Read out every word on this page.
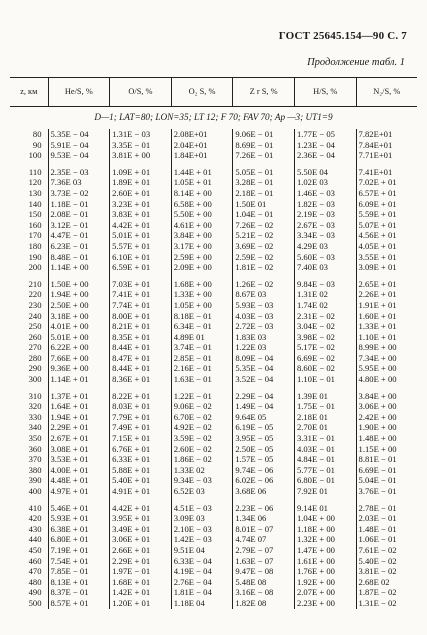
ГОСТ 25645.154—90 С. 7
Продолжение табл. 1
z, км	He/S, %	O/S, %	O₂ S, %	Z r S, %	H/S, %	N₂/S, %
D—1; LAT=80; LON=35; LT 12; F 70; FAV 70; Ap —3; UT1=9						
80	5.35E − 04	1.31E − 03	2.08E+01	9.06E − 01	1.77E − 05	7.82E+01
90	5.91E − 04	3.35E − 01	2.04E+01	8.69E − 01	1.23E − 04	7.84E+01
100	9.53E − 04	3.81E + 00	1.84E+01	7.26E − 01	2.36E − 04	7.71E+01

110	2.35E − 03	1.09E + 01	1.44E + 01	5.05E − 01	5.50E 04	7.41E+01
120	7.36E 03	1.89E + 01	1.05E + 01	3.28E − 01	1.02E 03	7.02E + 01
130	3.73E − 02	2.60E + 01	8.14E + 00	2.18E − 01	1.46E − 03	6.57E + 01
140	1.18E − 01	3.23E + 01	6.58E + 00	1.50E 01	1.82E − 03	6.09E + 01
150	2.08E − 01	3.83E + 01	5.50E + 00	1.04E − 01	2.19E − 03	5.59E + 01
160	3.12E − 01	4.42E + 01	4.61E + 00	7.26E − 02	2.67E − 03	5.07E + 01
170	4.47E − 01	5.01E + 01	3.84E + 00	5.21E − 02	3.34E − 03	4.56E + 01
180	6.23E − 01	5.57E + 01	3.17E + 00	3.69E − 02	4.29E 03	4.05E + 01
190	8.48E − 01	6.10E + 01	2.59E + 00	2.59E − 02	5.60E − 03	3.55E + 01
200	1.14E + 00	6.59E + 01	2.09E + 00	1.81E − 02	7.40E 03	3.09E + 01

210	1.50E + 00	7.03E + 01	1.68E + 00	1.26E − 02	9.84E − 03	2.65E + 01
220	1.94E + 00	7.41E + 01	1.33E + 00	8.67E 03	1.31E 02	2.26E + 01
230	2.50E + 00	7.74E + 01	1.05E + 00	5.93E − 03	1.74E 02	1.91E + 01
240	3.18E + 00	8.00E + 01	8.18E − 01	4.03E − 03	2.31E − 02	1.60E + 01
250	4.01E + 00	8.21E + 01	6.34E − 01	2.72E − 03	3.04E − 02	1.33E + 01
260	5.01E + 00	8.35E + 01	4.89E 01	1.83E 03	3.98E − 02	1.10E + 01
270	6.22E + 00	8.44E + 01	3.74E − 01	1.22E 03	5.17E − 02	8.99E + 00
280	7.66E + 00	8.47E + 01	2.85E − 01	8.09E − 04	6.69E − 02	7.34E + 00
290	9.36E + 00	8.44E + 01	2.16E − 01	5.35E − 04	8.60E − 02	5.95E + 00
300	1.14E + 01	8.36E + 01	1.63E − 01	3.52E − 04	1.10E − 01	4.80E + 00

310	1.37E + 01	8.22E + 01	1.22E − 01	2.29E − 04	1.39E 01	3.84E + 00
320	1.64E + 01	8.03E + 01	9.06E − 02	1.49E − 04	1.75E − 01	3.06E + 00
330	1.94E + 01	7.79E + 01	6.70E − 02	9.64E 05	2.18E 01	2.42E + 00
340	2.29E + 01	7.49E + 01	4.92E − 02	6.19E − 05	2.70E 01	1.90E + 00
350	2.67E + 01	7.15E + 01	3.59E − 02	3.95E − 05	3.31E − 01	1.48E + 00
360	3.08E + 01	6.76E + 01	2.60E − 02	2.50E − 05	4.03E − 01	1.15E + 00
370	3.53E + 01	6.33E + 01	1.86E − 02	1.57E − 05	4.84E − 01	8.81E − 01
380	4.00E + 01	5.88E + 01	1.33E 02	9.74E − 06	5.77E − 01	6.69E − 01
390	4.48E + 01	5.40E + 01	9.34E − 03	6.02E − 06	6.80E − 01	5.04E − 01
400	4.97E + 01	4.91E + 01	6.52E 03	3.68E 06	7.92E 01	3.76E − 01

410	5.46E + 01	4.42E + 01	4.51E − 03	2.23E − 06	9.14E 01	2.78E − 01
420	5.93E + 01	3.95E + 01	3.09E 03	1.34E 06	1.04E + 00	2.03E − 01
430	6.38E + 01	3.49E + 01	2.10E − 03	8.01E − 07	1.18E + 00	1.48E − 01
440	6.80E + 01	3.06E + 01	1.42E − 03	4.74E 07	1.32E + 00	1.06E − 01
450	7.19E + 01	2.66E + 01	9.51E 04	2.79E − 07	1.47E + 00	7.61E − 02
460	7.54E + 01	2.29E + 01	6.33E − 04	1.63E − 07	1.61E + 00	5.40E − 02
470	7.85E − 01	1.97E − 01	4.19E − 04	9.47E − 08	1.76E + 00	3.81E − 02
480	8.13E + 01	1.68E + 01	2.76E − 04	5.48E 08	1.92E + 00	2.68E 02
490	8.37E − 01	1.42E + 01	1.81E − 04	3.16E − 08	2.07E + 00	1.87E − 02
500	8.57E + 01	1.20E + 01	1.18E 04	1.82E 08	2.23E + 00	1.31E − 02
